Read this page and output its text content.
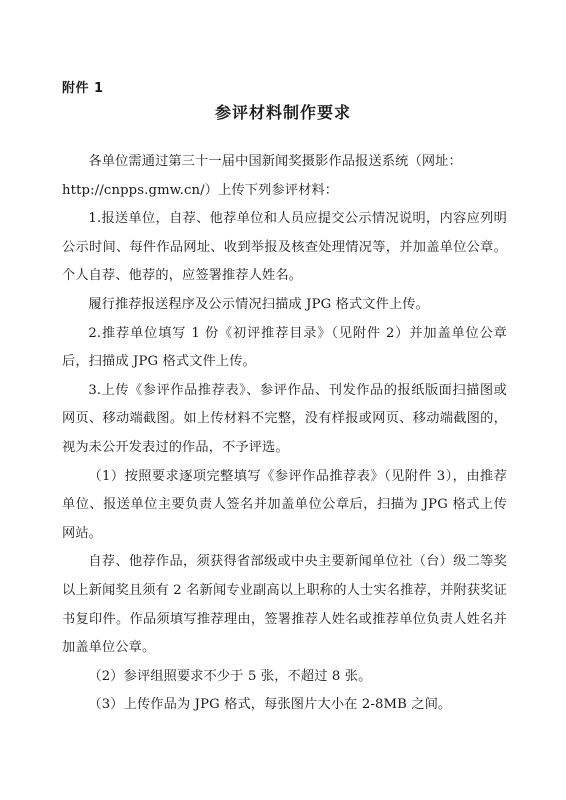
附件 1
参评材料制作要求

各单位需通过第三十一届中国新闻奖摄影作品报送系统（网址：

http://cnpps.gmw.cn/）上传下列参评材料：

1.报送单位，自荐、他荐单位和人员应提交公示情况说明，内容应列明公示时间、每件作品网址、收到举报及核查处理情况等，并加盖单位公章。个人自荐、他荐的，应签署推荐人姓名。

履行推荐报送程序及公示情况扫描成 JPG 格式文件上传。

2.推荐单位填写 1 份《初评推荐目录》（见附件 2）并加盖单位公章后，扫描成 JPG 格式文件上传。

3.上传《参评作品推荐表》、参评作品、刊发作品的报纸版面扫描图或网页、移动端截图。如上传材料不完整，没有样报或网页、移动端截图的，视为未公开发表过的作品，不予评选。

（1）按照要求逐项完整填写《参评作品推荐表》（见附件 3），由推荐单位、报送单位主要负责人签名并加盖单位公章后，扫描为 JPG 格式上传网站。

自荐、他荐作品，须获得省部级或中央主要新闻单位社（台）级二等奖以上新闻奖且须有 2 名新闻专业副高以上职称的人士实名推荐，并附获奖证书复印件。作品须填写推荐理由，签署推荐人姓名或推荐单位负责人姓名并加盖单位公章。

（2）参评组照要求不少于 5 张，不超过 8 张。

（3）上传作品为 JPG 格式，每张图片大小在 2-8MB 之间。
